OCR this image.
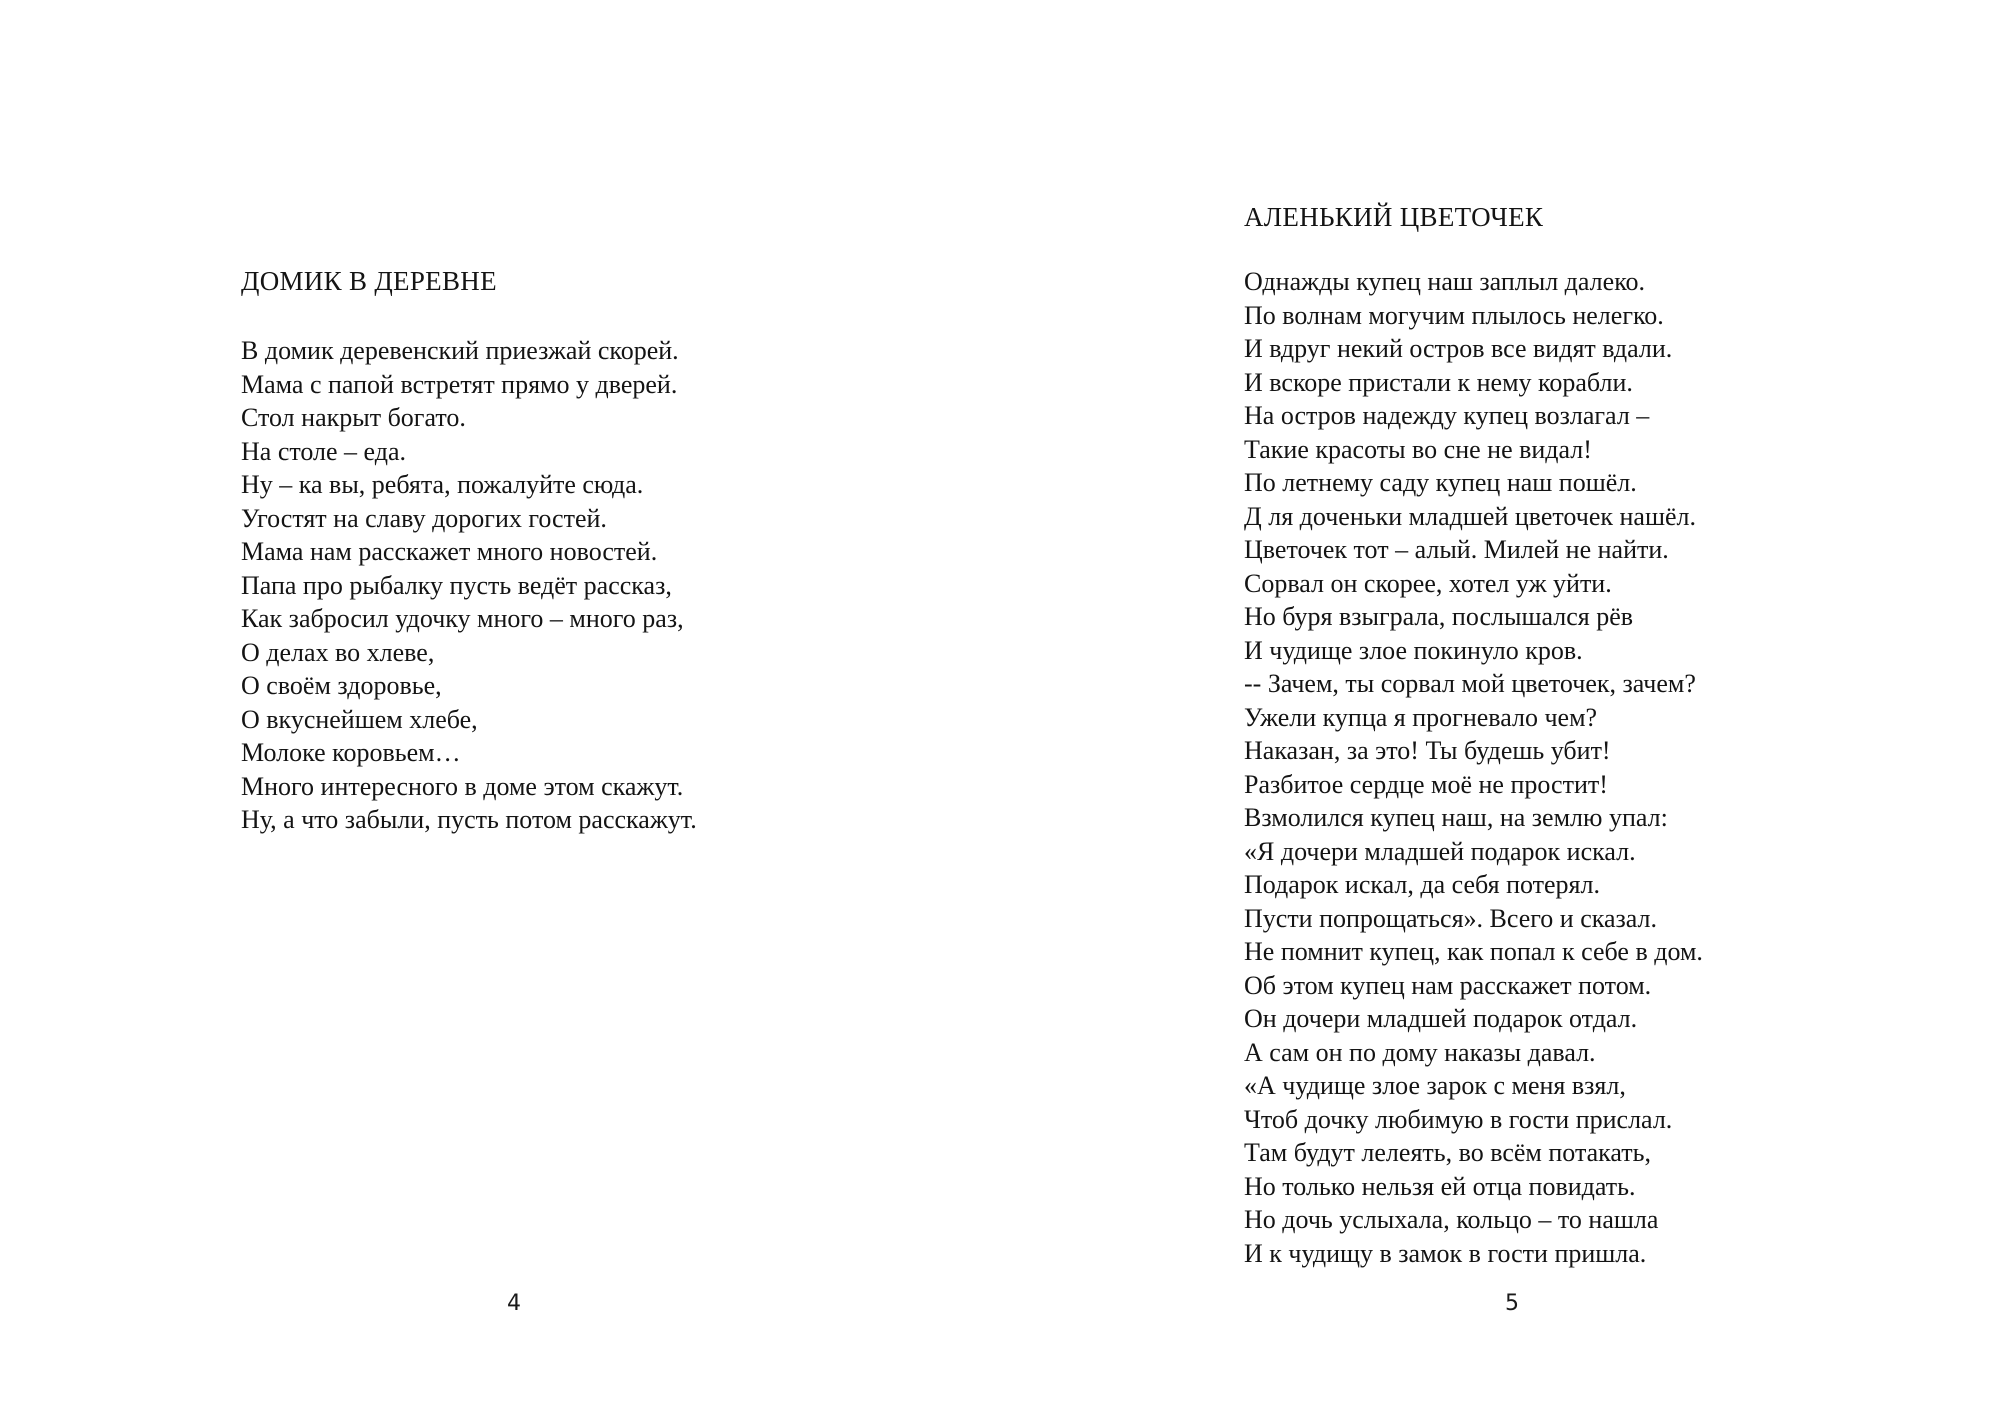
ДОМИК В ДЕРЕВНЕ
В домик деревенский приезжай скорей.
Мама с папой встретят прямо у дверей.
Стол накрыт богато.
На столе – еда.
Ну – ка вы, ребята, пожалуйте сюда.
Угостят на славу дорогих гостей.
Мама нам расскажет много новостей.
Папа про рыбалку пусть ведёт рассказ,
Как забросил удочку много – много раз,
О делах во хлеве,
О своём здоровье,
О вкуснейшем хлебе,
Молоке коровьем…
Много интересного в доме этом скажут.
Ну, а что забыли, пусть потом расскажут.
4
АЛЕНЬКИЙ ЦВЕТОЧЕК
Однажды купец наш заплыл далеко.
По волнам могучим плылось нелегко.
И вдруг некий остров все видят вдали.
И вскоре пристали к нему корабли.
На остров надежду купец возлагал –
Такие красоты во сне не видал!
По летнему саду купец наш пошёл.
Д ля доченьки младшей цветочек нашёл.
Цветочек тот – алый. Милей не найти.
Сорвал он скорее, хотел уж уйти.
Но буря взыграла, послышался рёв
И чудище злое покинуло кров.
-- Зачем, ты сорвал мой цветочек, зачем?
Ужели купца я прогневало чем?
Наказан, за это! Ты будешь убит!
Разбитое сердце моё не простит!
Взмолился купец наш, на землю упал:
«Я дочери младшей подарок искал.
Подарок искал, да себя потерял.
Пусти попрощаться». Всего и сказал.
Не помнит купец, как попал к себе в дом.
Об этом купец нам расскажет потом.
Он дочери младшей подарок отдал.
А сам он по дому наказы давал.
«А чудище злое зарок с меня взял,
Чтоб дочку любимую в гости прислал.
Там будут лелеять, во всём потакать,
Но только нельзя ей отца повидать.
Но дочь услыхала, кольцо – то нашла
И к чудищу в замок в гости пришла.
5
